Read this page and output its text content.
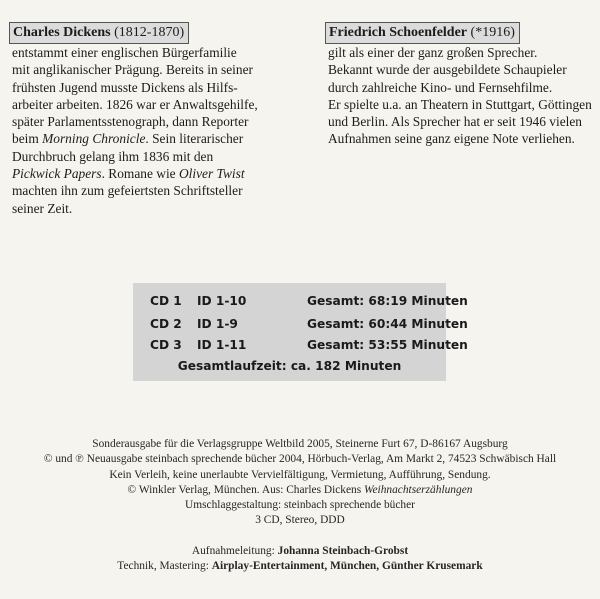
Charles Dickens (1812-1870)

entstammt einer englischen Bürgerfamilie

mit anglikanischer Prägung. Bereits in seiner

frühsten Jugend musste Dickens als Hilfs-

arbeiter arbeiten. 1826 war er Anwaltsgehilfe,

später Parlamentsstenograph, dann Reporter

beim Morning Chronicle. Sein literarischer

Durchbruch gelang ihm 1836 mit den

Pickwick Papers. Romane wie Oliver Twist

machten ihn zum gefeiertsten Schriftsteller

seiner Zeit.

Friedrich Schoenfelder (*1916)

gilt als einer der ganz großen Sprecher.

Bekannt wurde der ausgebildete Schaupieler

durch zahlreiche Kino- und Fernsehfilme.

Er spielte u.a. an Theatern in Stuttgart, Göttingen

und Berlin. Als Sprecher hat er seit 1946 vielen

Aufnahmen seine ganz eigene Note verliehen.

CD 1 ID 1-10	Gesamt: 68:19 Minuten
CD 2 ID 1-9	Gesamt: 60:44 Minuten
CD 3 ID 1-11	Gesamt: 53:55 Minuten
Gesamtlaufzeit: ca. 182 Minuten

Sonderausgabe für die Verlagsgruppe Weltbild 2005, Steinerne Furt 67, D-86167 Augsburg

© und ℗ Neuausgabe steinbach sprechende bücher 2004, Hörbuch-Verlag, Am Markt 2, 74523 Schwäbisch Hall

Kein Verleih, keine unerlaubte Vervielfältigung, Vermietung, Aufführung, Sendung.

© Winkler Verlag, München. Aus: Charles Dickens Weihnachtserzählungen

Umschlaggestaltung: steinbach sprechende bücher

3 CD, Stereo, DDD

Aufnahmeleitung: Johanna Steinbach-Grobst

Technik, Mastering: Airplay-Entertainment, München, Günther Krusemark
